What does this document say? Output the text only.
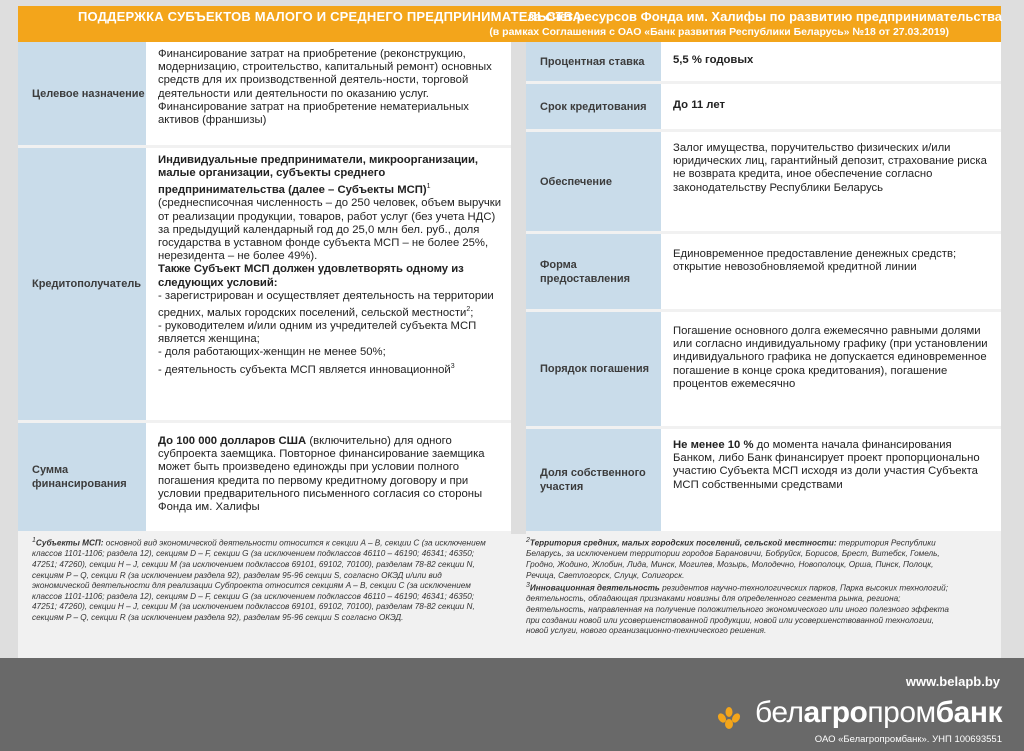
ПОДДЕРЖКА СУБЪЕКТОВ МАЛОГО И СРЕДНЕГО ПРЕДПРИНИМАТЕЛЬСТВА
за счет ресурсов Фонда им. Халифы по развитию предпринимательства
(в рамках Соглашения с ОАО «Банк развития Республики Беларусь» №18 от 27.03.2019)
Целевое назначение
Финансирование затрат на приобретение (реконструкцию, модернизацию, строительство, капитальный ремонт) основных средств для их производственной деятель-ности, торговой деятельности или деятельности по оказанию услуг.
Финансирование затрат на приобретение нематериальных активов (франшизы)
Кредитополучатель
Индивидуальные предприниматели, микроорганизации, малые организации, субъекты среднего предпринимательства (далее – Субъекты МСП)$^1$
(среднесписочная численность – до 250 человек, объем выручки от реализации продукции, товаров, работ услуг (без учета НДС) за предыдущий календарный год до 25,0 млн бел. руб., доля государства в уставном фонде субъекта МСП – не более 25%, нерезидента – не более 49%).
Также Субъект МСП должен удовлетворять одному из следующих условий:
- зарегистрирован и осуществляет деятельность на территории средних, малых городских поселений, сельской местности$^2$;
- руководителем и/или одним из учредителей субъекта МСП является женщина;
- доля работающих-женщин не менее 50%;
- деятельность субъекта МСП является инновационной$^3$
Сумма финансирования
До 100 000 долларов США (включительно) для одного субпроекта заемщика. Повторное финансирование заемщика может быть произведено единожды при условии полного погашения кредита по первому кредитному договору и при условии предварительного письменного согласия со стороны Фонда им. Халифы
Процентная ставка	5,5 % годовых
Срок кредитования	До 11 лет
Обеспечение
Залог имущества, поручительство физических и/или юридических лиц, гарантийный депозит, страхование риска не возврата кредита, иное обеспечение согласно законодательству Республики Беларусь
Форма предоставления
Единовременное предоставление денежных средств;
открытие невозобновляемой кредитной линии
Порядок погашения
Погашение основного долга ежемесячно равными долями или согласно индивидуальному графику (при установлении индивидуального графика не допускается единовременное погашение в конце срока кредитования), погашение процентов ежемесячно
Доля собственного участия
Не менее 10 % до момента начала финансирования Банком, либо Банк финансирует проект пропорционально участию Субъекта МСП исходя из доли участия Субъекта МСП собственными средствами
1Субъекты МСП: основной вид экономической деятельности относится к секции A – B, секции C (за исключением классов 1101-1106; раздела 12), секциям D – F, секции G (за исключением подклассов 46110 – 46190; 46341; 46350; 47251; 47260), секции H – J, секции M (за исключением подклассов 69101, 69102, 70100), разделам 78-82 секции N, секциям P – Q, секции R (за исключением раздела 92), разделам 95-96 секции S, согласно ОКЭД и/или вид экономической деятельности для реализации Субпроекта относится секциям A – B, секции C (за исключением классов 1101-1106; раздела 12), секциям D – F, секции G (за исключением подклассов 46110 – 46190; 46341; 46350; 47251; 47260), секции H – J, секции M (за исключением подклассов 69101, 69102, 70100), разделам 78-82 секции N, секциям P – Q, секции R (за исключением раздела 92), разделам 95-96 секции S согласно ОКЭД.
2Территория средних, малых городских поселений, сельской местности: территория Республики Беларусь, за исключением территории городов Барановичи, Бобруйск, Борисов, Брест, Витебск, Гомель, Гродно, Жодино, Жлобин, Лида, Минск, Могилев, Мозырь, Молодечно, Новополоцк, Орша, Пинск, Полоцк, Речица, Светлогорск, Слуцк, Солигорск.
3Инновационная деятельность резидентов научно-технологических парков, Парка высоких технологий; деятельность, обладающая признаками новизны для определенного сегмента рынка, региона; деятельность, направленная на получение положительного экономического или иного полезного эффекта при создании новой или усовершенствованной продукции, новой или усовершенствованной технологии, новой услуги, нового организационно-технического решения.
www.belapb.by
белагропромбанк
ОАО «Белагропромбанк». УНП 100693551
